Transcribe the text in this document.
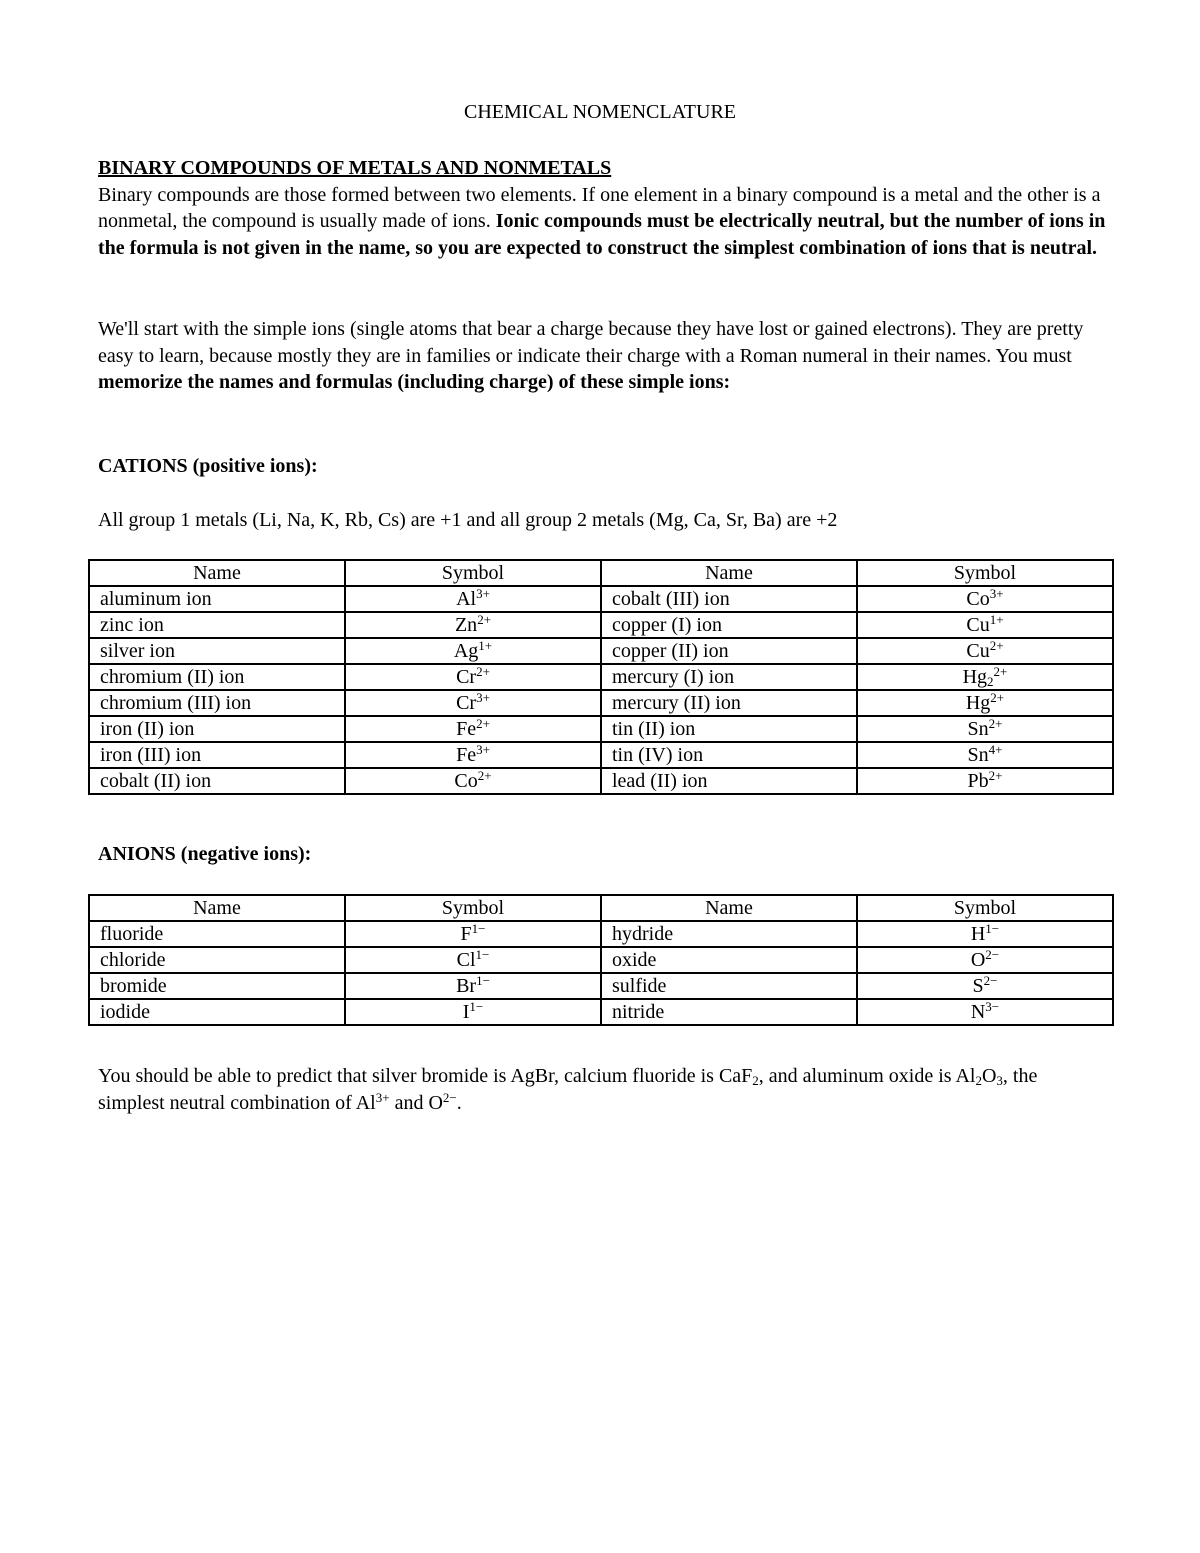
CHEMICAL NOMENCLATURE
BINARY COMPOUNDS OF METALS AND NONMETALS
Binary compounds are those formed between two elements. If one element in a binary compound is a metal and the other is a nonmetal, the compound is usually made of ions. Ionic compounds must be electrically neutral, but the number of ions in the formula is not given in the name, so you are expected to construct the simplest combination of ions that is neutral.
We'll start with the simple ions (single atoms that bear a charge because they have lost or gained electrons). They are pretty easy to learn, because mostly they are in families or indicate their charge with a Roman numeral in their names. You must memorize the names and formulas (including charge) of these simple ions:
CATIONS (positive ions):
All group 1 metals (Li, Na, K, Rb, Cs) are +1 and all group 2 metals (Mg, Ca, Sr, Ba) are +2
Name	Symbol	Name	Symbol
aluminum ion	$Al^{3+}$	cobalt (III) ion	$Co^{3+}$
zinc ion	$Zn^{2+}$	copper (I) ion	$Cu^{1+}$
silver ion	$Ag^{1+}$	copper (II) ion	$Cu^{2+}$
chromium (II) ion	$Cr^{2+}$	mercury (I) ion	$Hg_2^{2+}$
chromium (III) ion	$Cr^{3+}$	mercury (II) ion	$Hg^{2+}$
iron (II) ion	$Fe^{2+}$	tin (II) ion	$Sn^{2+}$
iron (III) ion	$Fe^{3+}$	tin (IV) ion	$Sn^{4+}$
cobalt (II) ion	$Co^{2+}$	lead (II) ion	$Pb^{2+}$
ANIONS (negative ions):
Name	Symbol	Name	Symbol
fluoride	$F^{1-}$	hydride	$H^{1-}$
chloride	$Cl^{1-}$	oxide	$O^{2-}$
bromide	$Br^{1-}$	sulfide	$S^{2-}$
iodide	$I^{1-}$	nitride	$N^{3-}$
You should be able to predict that silver bromide is AgBr, calcium fluoride is CaF$_2$, and aluminum oxide is $Al_2O_3$, the simplest neutral combination of $Al^{3+}$ and $O^{2-}$.
